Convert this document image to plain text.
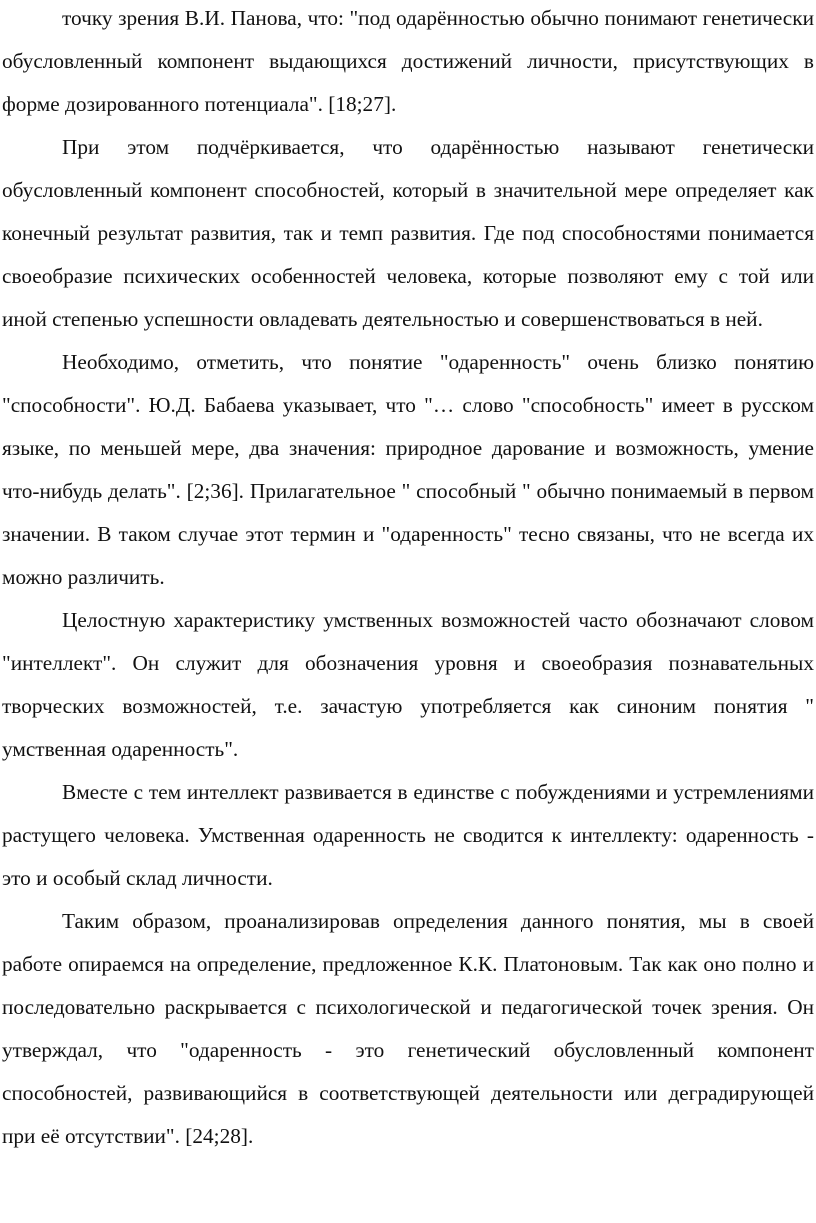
точку зрения В.И. Панова, что: "под одарённостью обычно понимают генетически обусловленный компонент выдающихся достижений личности, присутствующих в форме дозированного потенциала". [18;27].

При этом подчёркивается, что одарённостью называют генетически обусловленный компонент способностей, который в значительной мере определяет как конечный результат развития, так и темп развития. Где под способностями понимается своеобразие психических особенностей человека, которые позволяют ему с той или иной степенью успешности овладевать деятельностью и совершенствоваться в ней.

Необходимо, отметить, что понятие "одаренность" очень близко понятию "способности". Ю.Д. Бабаева указывает, что "… слово "способность" имеет в русском языке, по меньшей мере, два значения: природное дарование и возможность, умение что-нибудь делать". [2;36]. Прилагательное " способный " обычно понимаемый в первом значении. В таком случае этот термин и "одаренность" тесно связаны, что не всегда их можно различить.

Целостную характеристику умственных возможностей часто обозначают словом "интеллект". Он служит для обозначения уровня и своеобразия познавательных творческих возможностей, т.е. зачастую употребляется как синоним понятия " умственная одаренность".

Вместе с тем интеллект развивается в единстве с побуждениями и устремлениями растущего человека. Умственная одаренность не сводится к интеллекту: одаренность - это и особый склад личности.

Таким образом, проанализировав определения данного понятия, мы в своей работе опираемся на определение, предложенное К.К. Платоновым. Так как оно полно и последовательно раскрывается с психологической и педагогической точек зрения. Он утверждал, что "одаренность - это генетический обусловленный компонент способностей, развивающийся в соответствующей деятельности или деградирующей при её отсутствии". [24;28].
